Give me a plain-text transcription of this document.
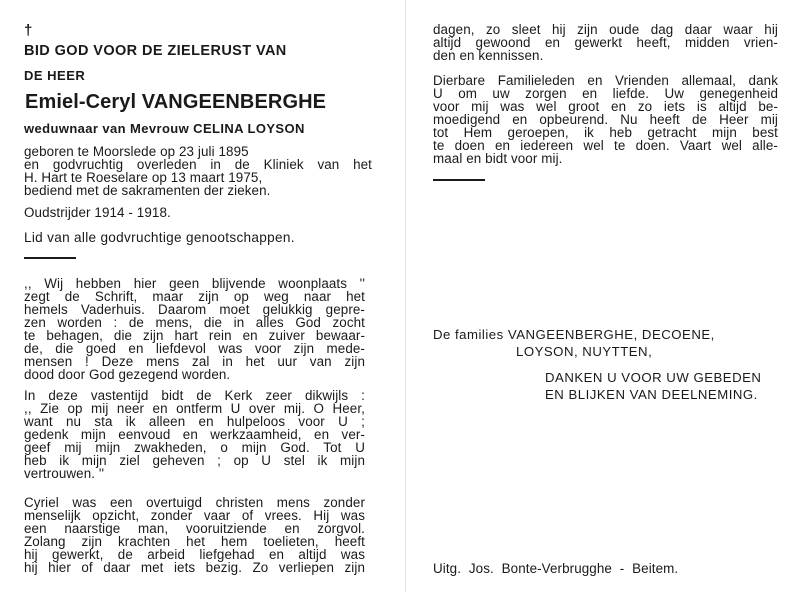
†
BID GOD VOOR DE ZIELERUST VAN
DE HEER
Emiel-Ceryl VANGEENBERGHE
weduwnaar van Mevrouw CELINA LOYSON
geboren te Moorslede op 23 juli 1895
en godvruchtig overleden in de Kliniek van het
H. Hart te Roeselare op 13 maart 1975,
bediend met de sakramenten der zieken.
Oudstrijder 1914 - 1918.
Lid van alle godvruchtige genootschappen.
,, Wij hebben hier geen blijvende woonplaats ''
zegt de Schrift, maar zijn op weg naar het
hemels Vaderhuis. Daarom moet gelukkig gepre-
zen worden : de mens, die in alles God zocht
te behagen, die zijn hart rein en zuiver bewaar-
de, die goed en liefdevol was voor zijn mede-
mensen ! Deze mens zal in het uur van zijn
dood door God gezegend worden.
In deze vastentijd bidt de Kerk zeer dikwijls :
,, Zie op mij neer en ontferm U over mij. O Heer,
want nu sta ik alleen en hulpeloos voor U ;
gedenk mijn eenvoud en werkzaamheid, en ver-
geef mij mijn zwakheden, o mijn God. Tot U
heb ik mijn ziel geheven ; op U stel ik mijn
vertrouwen. ''
Cyriel was een overtuigd christen mens zonder
menselijk opzicht, zonder vaar of vrees. Hij was
een naarstige man, vooruitziende en zorgvol.
Zolang zijn krachten het hem toelieten, heeft
hij gewerkt, de arbeid liefgehad en altijd was
hij hier of daar met iets bezig. Zo verliepen zijn
dagen, zo sleet hij zijn oude dag daar waar hij
altijd gewoond en gewerkt heeft, midden vrien-
den en kennissen.
Dierbare Familieleden en Vrienden allemaal, dank
U om uw zorgen en liefde. Uw genegenheid
voor mij was wel groot en zo iets is altijd be-
moedigend en opbeurend. Nu heeft de Heer mij
tot Hem geroepen, ik heb getracht mijn best
te doen en iedereen wel te doen. Vaart wel alle-
maal en bidt voor mij.
De families VANGEENBERGHE, DECOENE,
LOYSON, NUYTTEN,
DANKEN U VOOR UW GEBEDEN
EN BLIJKEN VAN DEELNEMING.
Uitg. Jos. Bonte-Verbrugghe - Beitem.
